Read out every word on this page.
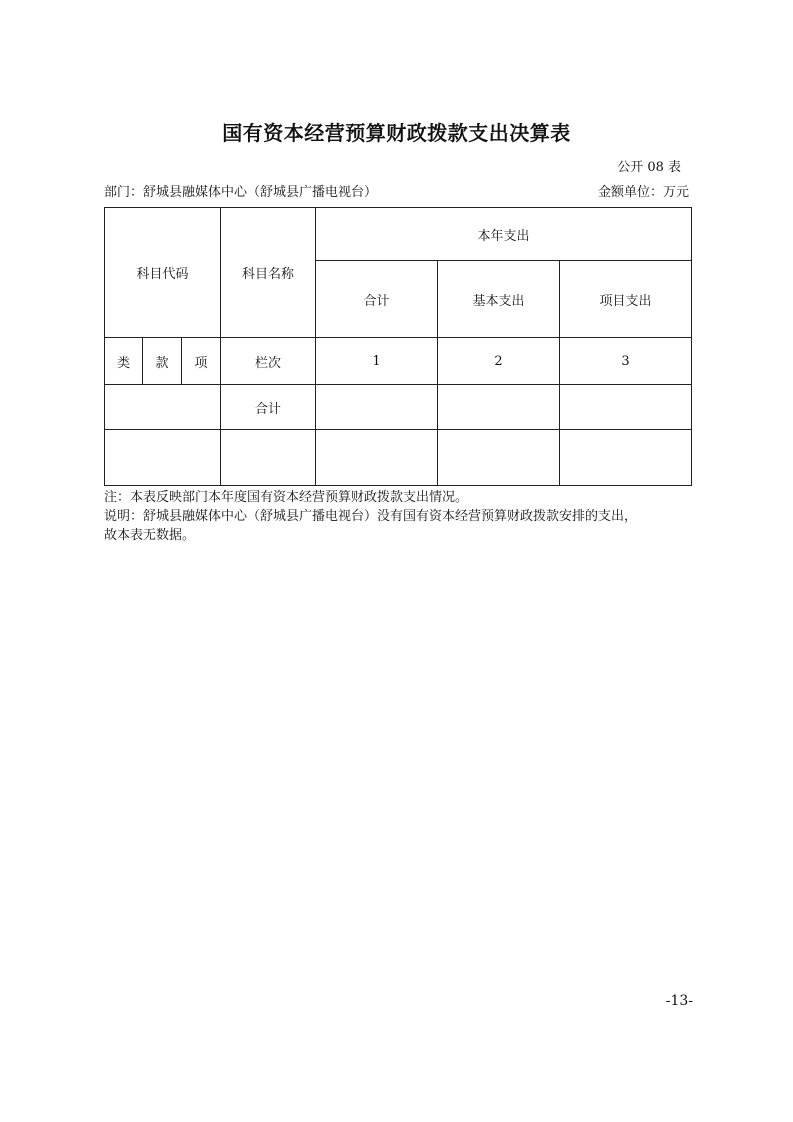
国有资本经营预算财政拨款支出决算表
公开 08 表
部门：舒城县融媒体中心（舒城县广播电视台）	金额单位：万元
科目代码			科目名称	本年支出		
				合计	基本支出	项目支出
类	款	项	栏次	1	2	3
			合计			

注：本表反映部门本年度国有资本经营预算财政拨款支出情况。

说明：舒城县融媒体中心（舒城县广播电视台）没有国有资本经营预算财政拨款安排的支出，

故本表无数据。

-13-
